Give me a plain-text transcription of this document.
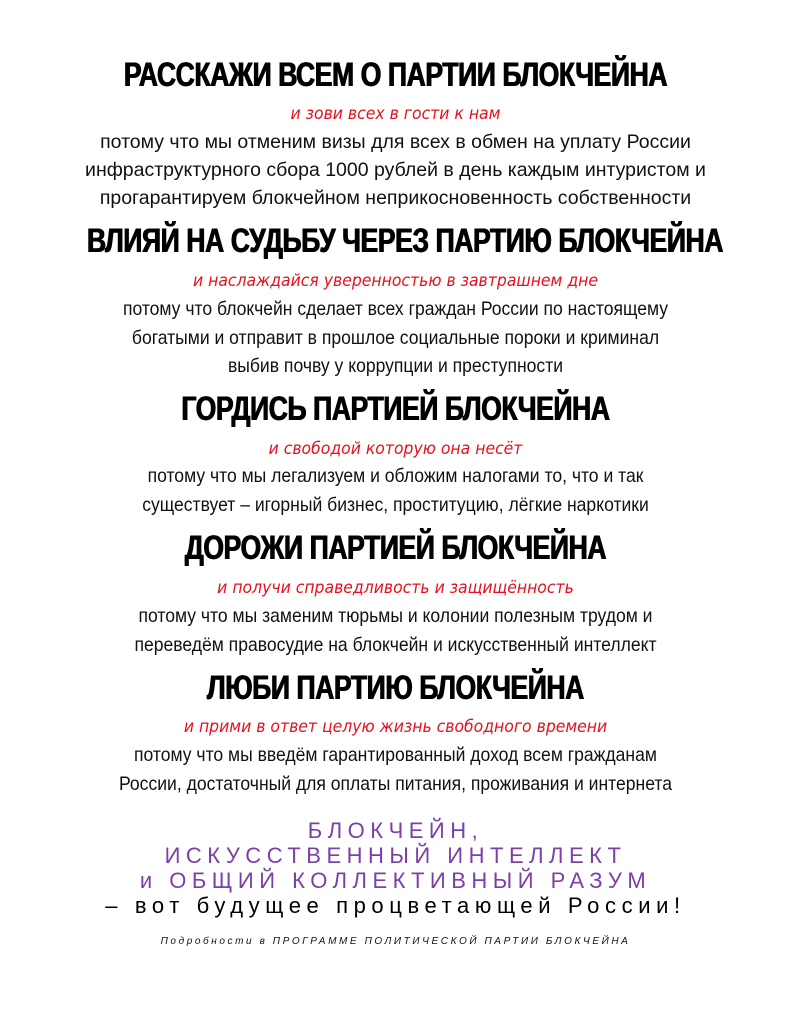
РАССКАЖИ ВСЕМ О ПАРТИИ БЛОКЧЕЙНА
и зови всех в гости к нам
потому что мы отменим визы для всех в обмен на уплату России
инфраструктурного сбора 1000 рублей в день каждым интуристом и
прогарантируем блокчейном неприкосновенность собственности
ВЛИЯЙ НА СУДЬБУ ЧЕРЕЗ ПАРТИЮ БЛОКЧЕЙНА
и наслаждайся уверенностью в завтрашнем дне
потому что блокчейн сделает всех граждан России по настоящему
богатыми и отправит в прошлое социальные пороки и криминал
выбив почву у коррупции и преступности
ГОРДИСЬ ПАРТИЕЙ БЛОКЧЕЙНА
и свободой которую она несёт
потому что мы легализуем и обложим налогами то, что и так
существует – игорный бизнес, проституцию, лёгкие наркотики
ДОРОЖИ ПАРТИЕЙ БЛОКЧЕЙНА
и получи справедливость и защищённость
потому что мы заменим тюрьмы и колонии полезным трудом и
переведём правосудие на блокчейн и искусственный интеллект
ЛЮБИ ПАРТИЮ БЛОКЧЕЙНА
и прими в ответ целую жизнь свободного времени
потому что мы введём гарантированный доход всем гражданам
России, достаточный для оплаты питания, проживания и интернета
БЛОКЧЕЙН,
ИСКУССТВЕННЫЙ ИНТЕЛЛЕКТ
и ОБЩИЙ КОЛЛЕКТИВНЫЙ РАЗУМ
– вот будущее процветающей России!
Подробности в ПРОГРАММЕ ПОЛИТИЧЕСКОЙ ПАРТИИ БЛОКЧЕЙНА
